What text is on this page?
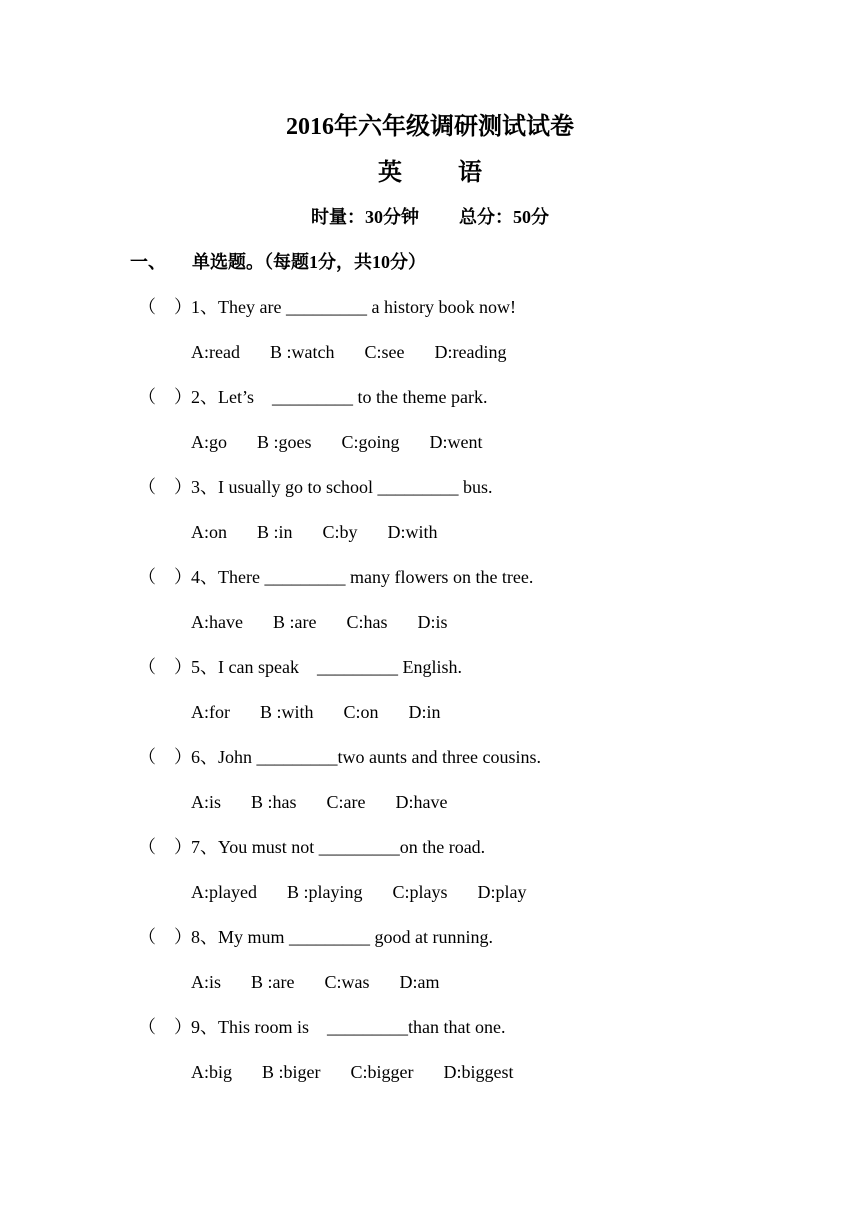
2016年六年级调研测试试卷
英 语
时量：30分钟 总分：50分
一、 单选题。（每题1分，共10分）
（　）1、They are _________ a history book now!
A:read B :watch C:see D:reading
（　）2、Let’s　_________ to the theme park.
A:go B :goes C:going D:went
（　）3、I usually go to school _________ bus.
A:on B :in C:by D:with
（　）4、There _________ many flowers on the tree.
A:have B :are C:has D:is
（　）5、I can speak　_________ English.
A:for B :with C:on D:in
（　）6、John _________two aunts and three cousins.
A:is B :has C:are D:have
（　）7、You must not _________on the road.
A:played B :playing C:plays D:play
（　）8、My mum _________ good at running.
A:is B :are C:was D:am
（　）9、This room is　_________than that one.
A:big B :biger C:bigger D:biggest
